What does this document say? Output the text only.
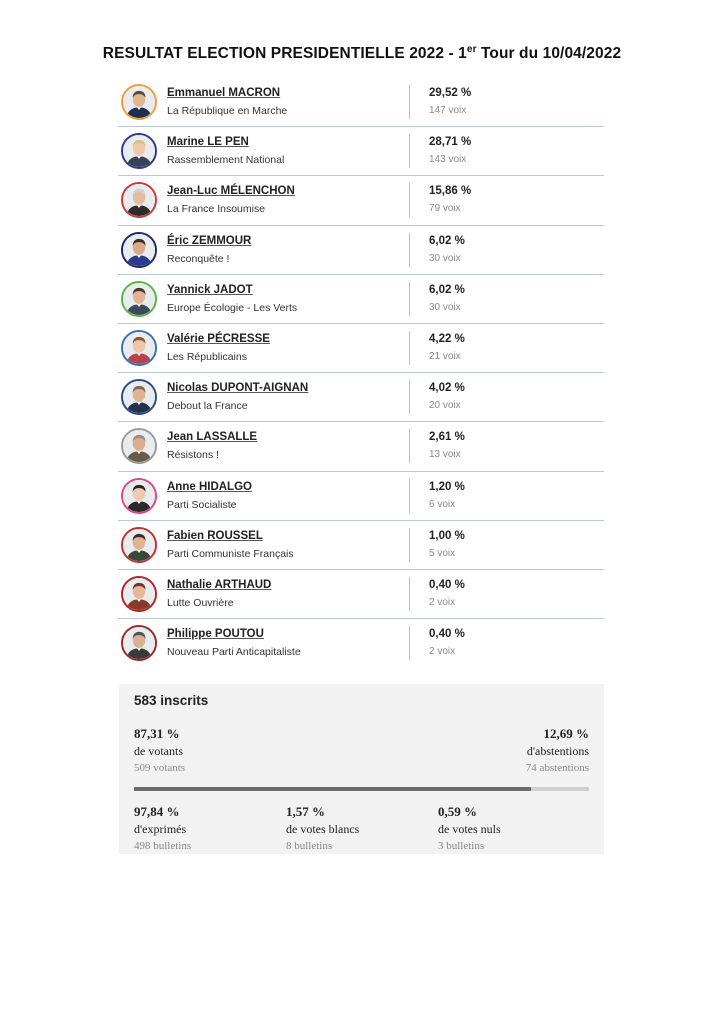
RESULTAT ELECTION PRESIDENTIELLE 2022 - 1er Tour du 10/04/2022
Emmanuel MACRON
La République en Marche
29,52 %
147 voix
Marine LE PEN
Rassemblement National
28,71 %
143 voix
Jean-Luc MÉLENCHON
La France Insoumise
15,86 %
79 voix
Éric ZEMMOUR
Reconquête !
6,02 %
30 voix
Yannick JADOT
Europe Écologie - Les Verts
6,02 %
30 voix
Valérie PÉCRESSE
Les Républicains
4,22 %
21 voix
Nicolas DUPONT-AIGNAN
Debout la France
4,02 %
20 voix
Jean LASSALLE
Résistons !
2,61 %
13 voix
Anne HIDALGO
Parti Socialiste
1,20 %
6 voix
Fabien ROUSSEL
Parti Communiste Français
1,00 %
5 voix
Nathalie ARTHAUD
Lutte Ouvrière
0,40 %
2 voix
Philippe POUTOU
Nouveau Parti Anticapitaliste
0,40 %
2 voix
583 inscrits
87,31 %
de votants
509 votants
12,69 %
d'abstentions
74 abstentions
97,84 %
d'exprimés
498 bulletins
1,57 %
de votes blancs
8 bulletins
0,59 %
de votes nuls
3 bulletins
